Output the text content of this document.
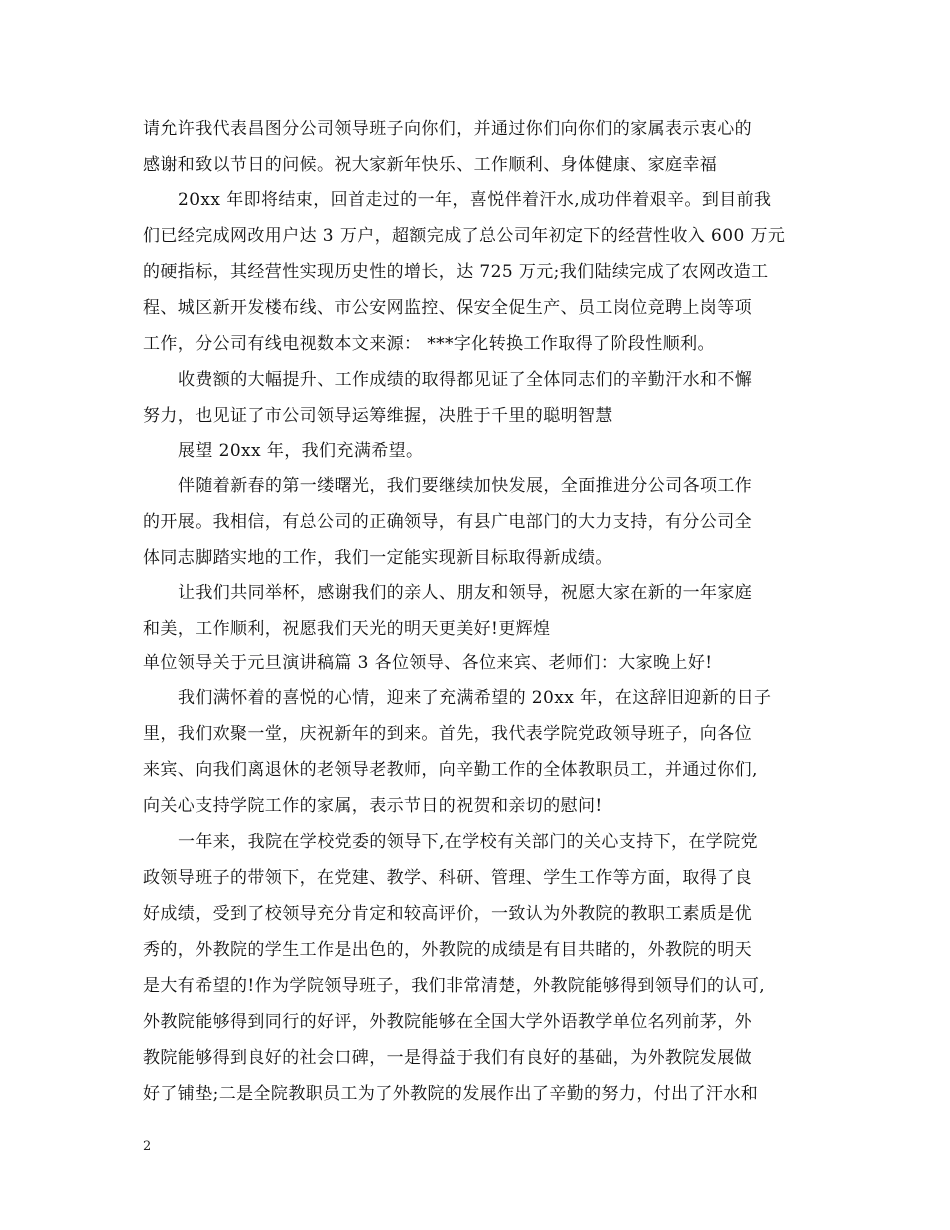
请允许我代表昌图分公司领导班子向你们，并通过你们向你们的家属表示衷心的
感谢和致以节日的问候。祝大家新年快乐、工作顺利、身体健康、家庭幸福
20xx 年即将结束，回首走过的一年，喜悦伴着汗水,成功伴着艰辛。到目前我
们已经完成网改用户达 3 万户，超额完成了总公司年初定下的经营性收入 600 万元
的硬指标，其经营性实现历史性的增长，达 725 万元;我们陆续完成了农网改造工
程、城区新开发楼布线、市公安网监控、保安全促生产、员工岗位竞聘上岗等项
工作，分公司有线电视数本文来源： ***字化转换工作取得了阶段性顺利。
收费额的大幅提升、工作成绩的取得都见证了全体同志们的辛勤汗水和不懈
努力，也见证了市公司领导运筹维握，决胜于千里的聪明智慧
展望 20xx 年，我们充满希望。
伴随着新春的第一缕曙光，我们要继续加快发展，全面推进分公司各项工作
的开展。我相信，有总公司的正确领导，有县广电部门的大力支持，有分公司全
体同志脚踏实地的工作，我们一定能实现新目标取得新成绩。
让我们共同举杯，感谢我们的亲人、朋友和领导，祝愿大家在新的一年家庭
和美，工作顺利，祝愿我们天光的明天更美好!更辉煌
单位领导关于元旦演讲稿篇 3 各位领导、各位来宾、老师们：大家晚上好!
我们满怀着的喜悦的心情，迎来了充满希望的 20xx 年，在这辞旧迎新的日子
里，我们欢聚一堂，庆祝新年的到来。首先，我代表学院党政领导班子，向各位
来宾、向我们离退休的老领导老教师，向辛勤工作的全体教职员工，并通过你们,
向关心支持学院工作的家属，表示节日的祝贺和亲切的慰问!
一年来，我院在学校党委的领导下,在学校有关部门的关心支持下，在学院党
政领导班子的带领下，在党建、教学、科研、管理、学生工作等方面，取得了良
好成绩，受到了校领导充分肯定和较高评价，一致认为外教院的教职工素质是优
秀的，外教院的学生工作是出色的，外教院的成绩是有目共睹的，外教院的明天
是大有希望的!作为学院领导班子，我们非常清楚，外教院能够得到领导们的认可,
外教院能够得到同行的好评，外教院能够在全国大学外语教学单位名列前茅，外
教院能够得到良好的社会口碑，一是得益于我们有良好的基础，为外教院发展做
好了铺垫;二是全院教职员工为了外教院的发展作出了辛勤的努力，付出了汗水和
2
